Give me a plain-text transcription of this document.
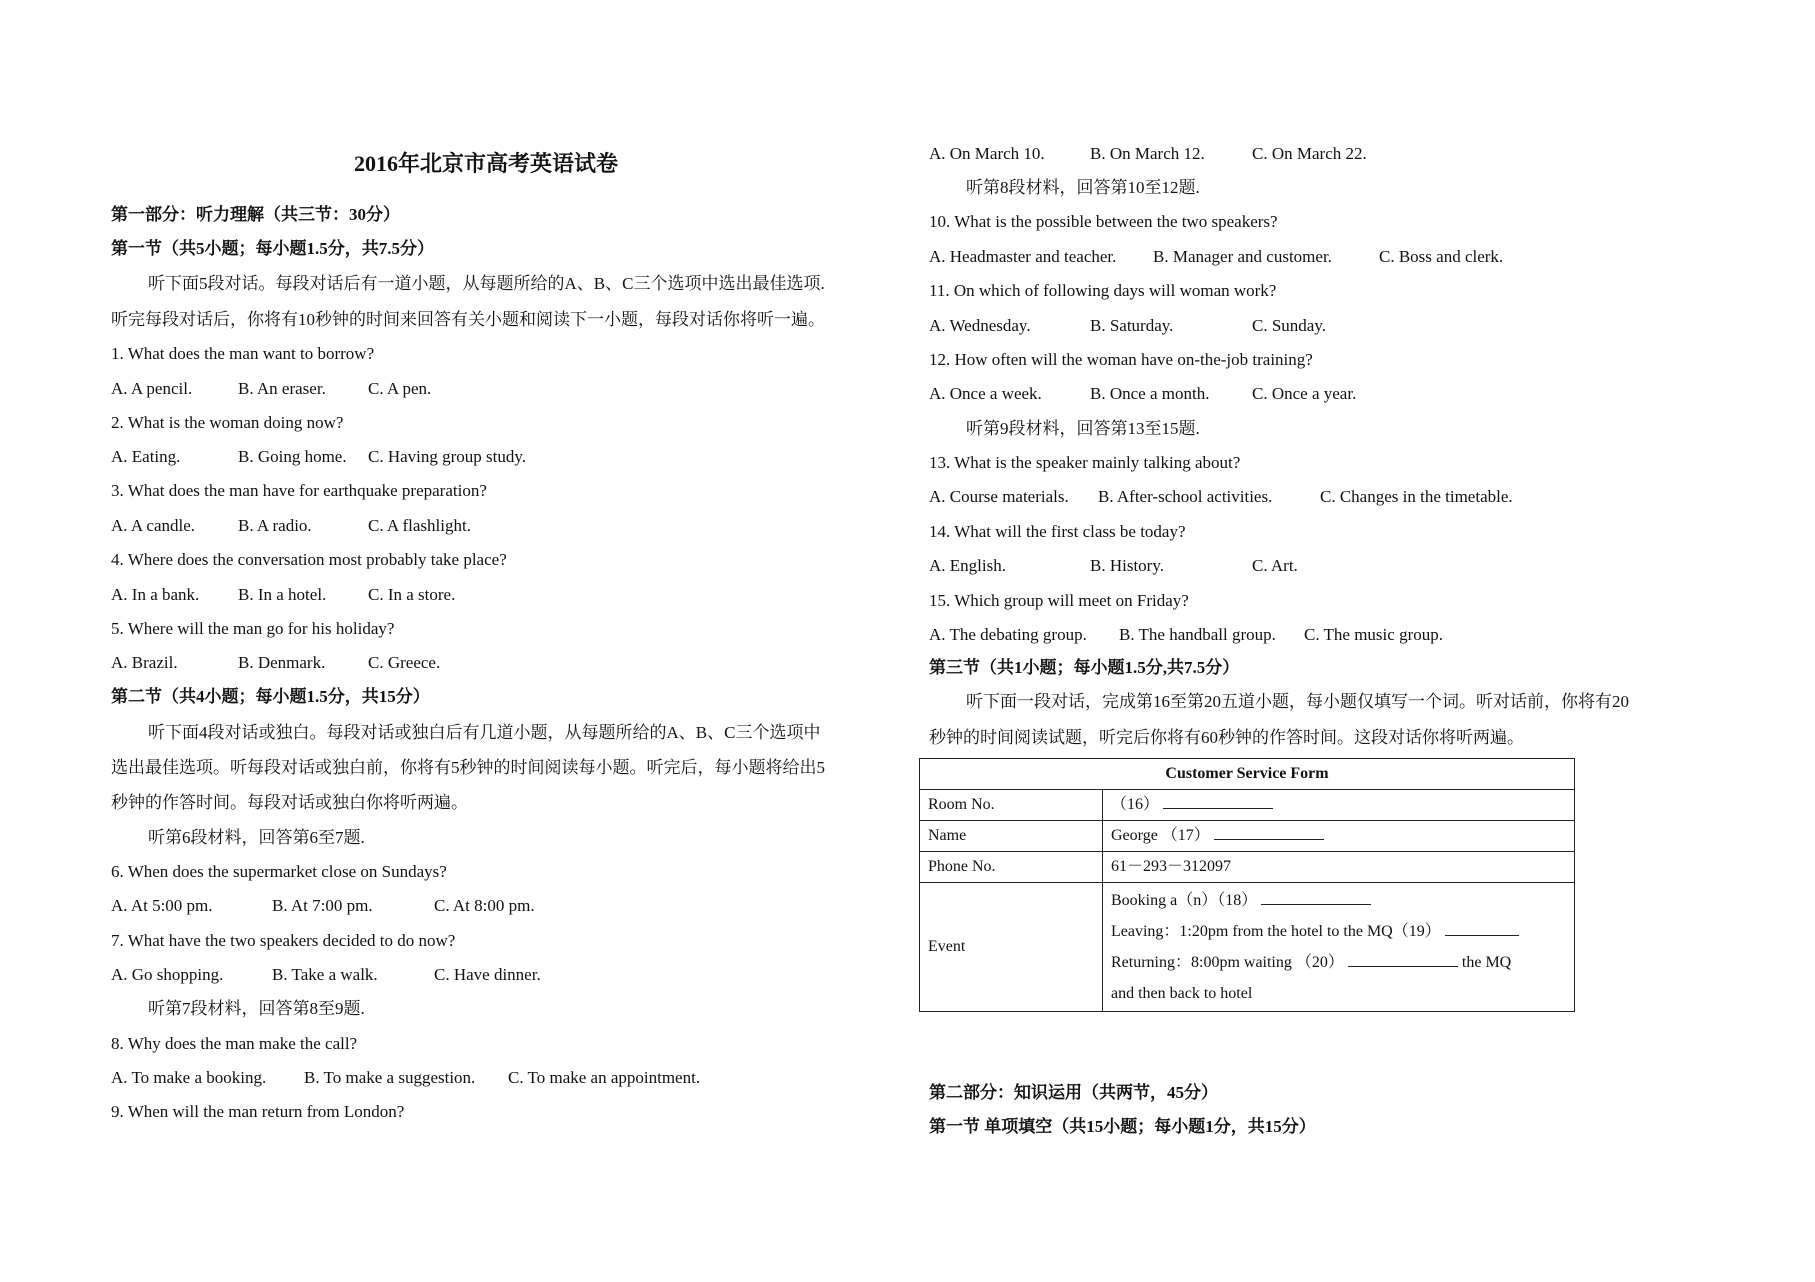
2016年北京市高考英语试卷
第一部分：听力理解（共三节：30分）
第一节（共5小题；每小题1.5分，共7.5分）
听下面5段对话。每段对话后有一道小题，从每题所给的A、B、C三个选项中选出最佳选项.
听完每段对话后，你将有10秒钟的时间来回答有关小题和阅读下一小题，每段对话你将听一遍。
1. What does the man want to borrow?
A. A pencil.	B. An eraser. C. A pen.
2. What is the woman doing now?
A. Eating.	B. Going home. C. Having group study.
3. What does the man have for earthquake preparation?
A. A candle.	B. A radio.	C. A flashlight.
4. Where does the conversation most probably take place?
A. In a bank. B. In a hotel. C. In a store.
5. Where will the man go for his holiday?
A. Brazil.	B. Denmark.	C. Greece.
第二节（共4小题；每小题1.5分，共15分）
听下面4段对话或独白。每段对话或独白后有几道小题，从每题所给的A、B、C三个选项中
选出最佳选项。听每段对话或独白前，你将有5秒钟的时间阅读每小题。听完后，每小题将给出5
秒钟的作答时间。每段对话或独白你将听两遍。
听第6段材料，回答第6至7题.
6. When does the supermarket close on Sundays?
A. At 5:00 pm.	B. At 7:00 pm.	C. At 8:00 pm.
7. What have the two speakers decided to do now?
A. Go shopping.	B. Take a walk.	C. Have dinner.
听第7段材料，回答第8至9题.
8. Why does the man make the call?
A. To make a booking. B. To make a suggestion. C. To make an appointment.
9. When will the man return from London?
A. On March 10.	B. On March 12.	C. On March 22.
听第8段材料，回答第10至12题.
10. What is the possible between the two speakers?
A. Headmaster and teacher. B. Manager and customer.	C. Boss and clerk.
11. On which of following days will woman work?
A. Wednesday.	B. Saturday.	C. Sunday.
12. How often will the woman have on-the-job training?
A. Once a week.	B. Once a month.	C. Once a year.
听第9段材料，回答第13至15题.
13. What is the speaker mainly talking about?
A. Course materials. B. After-school activities.	C. Changes in the timetable.
14. What will the first class be today?
A. English.	B. History.	C. Art.
15. Which group will meet on Friday?
A. The debating group. B. The handball group. C. The music group.
第三节（共1小题；每小题1.5分,共7.5分）
听下面一段对话，完成第16至第20五道小题，每小题仅填写一个词。听对话前，你将有20
秒钟的时间阅读试题，听完后你将有60秒钟的作答时间。这段对话你将听两遍。
第二部分：知识运用（共两节，45分）
第一节 单项填空（共15小题；每小题1分，共15分）
Customer Service Form	
Room No.	（16）
Name	George （17）
Phone No.	61－293－312097
Event	Booking a（n）（18）
Leaving：1:20pm from the hotel to the MQ（19）
Returning：8:00pm waiting （20） the MQ
and then back to hotel
